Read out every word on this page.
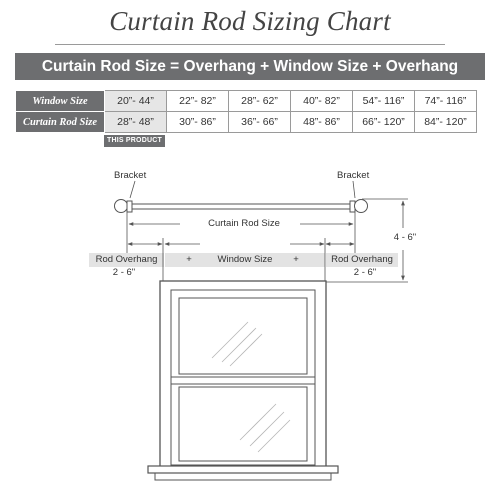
Curtain Rod Sizing Chart
Curtain Rod Size = Overhang + Window Size + Overhang
Window Size	20”- 44”	22”- 82”	28”- 62”	40”- 82”	54”- 116”	74”- 116”
Curtain Rod Size	28”- 48”	30”- 86”	36”- 66”	48”- 86”	66”- 120”	84”- 120”
THIS PRODUCT
Bracket	Bracket
Curtain Rod Size
4 - 6"
Rod Overhang
2 - 6"
+	Window Size	+	Rod Overhang
2 - 6"
